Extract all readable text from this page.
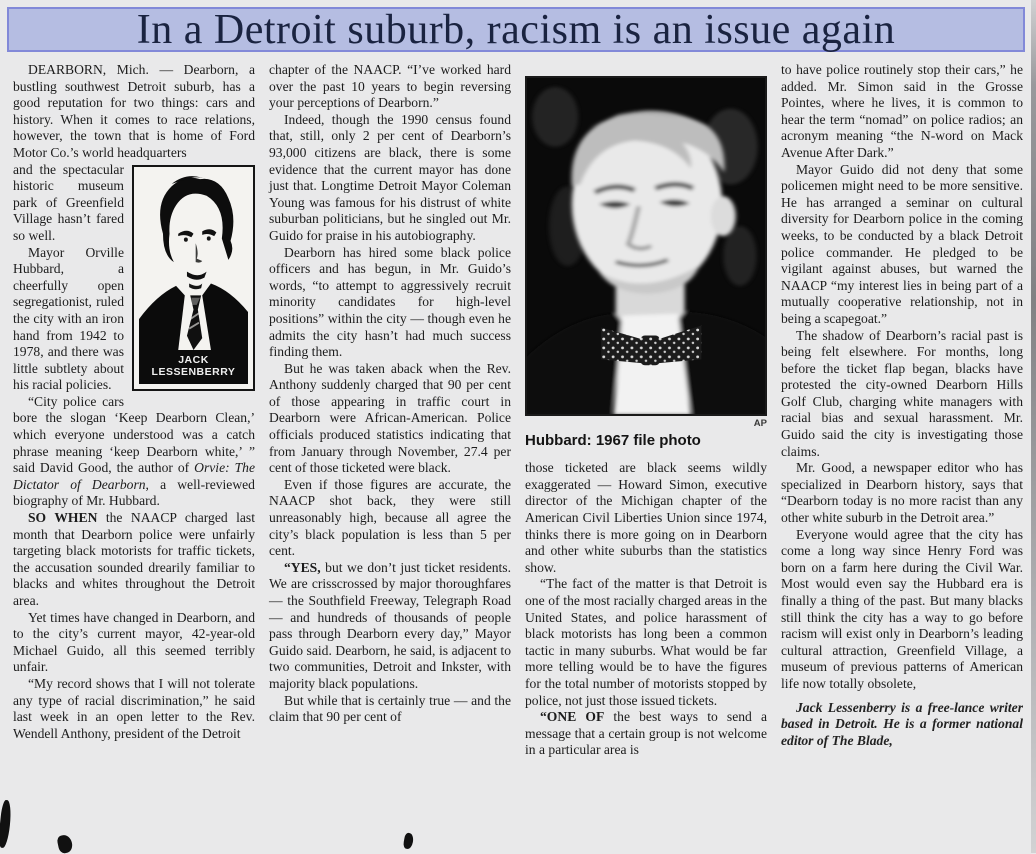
In a Detroit suburb, racism is an issue again

DEARBORN, Mich. — Dearborn, a bustling southwest Detroit suburb, has a good reputation for two things: cars and history. When it comes to race relations, however, the town that is home of Ford Motor Co.’s world headquarters

JACK
LESSENBERRY

and the spectacular historic museum park of Greenfield Village hasn’t fared so well.

Mayor Orville Hubbard, a cheerfully open segregationist, ruled the city with an iron hand from 1942 to 1978, and there was little subtlety about his racial policies.

“City police cars bore the slogan ‘Keep Dearborn Clean,’ which everyone understood was a catch phrase meaning ‘keep Dearborn white,’ ” said David Good, the author of Orvie: The Dictator of Dearborn, a well-reviewed biography of Mr. Hubbard.

SO WHEN the NAACP charged last month that Dearborn police were unfairly targeting black motorists for traffic tickets, the accusation sounded drearily familiar to blacks and whites throughout the Detroit area.

Yet times have changed in Dearborn, and to the city’s current mayor, 42-year-old Michael Guido, all this seemed terribly unfair.

“My record shows that I will not tolerate any type of racial discrimination,” he said last week in an open letter to the Rev. Wendell Anthony, president of the Detroit

chapter of the NAACP. “I’ve worked hard over the past 10 years to begin reversing your perceptions of Dearborn.”

Indeed, though the 1990 census found that, still, only 2 per cent of Dearborn’s 93,000 citizens are black, there is some evidence that the current mayor has done just that. Longtime Detroit Mayor Coleman Young was famous for his distrust of white suburban politicians, but he singled out Mr. Guido for praise in his autobiography.

Dearborn has hired some black police officers and has begun, in Mr. Guido’s words, “to attempt to aggressively recruit minority candidates for high-level positions” within the city — though even he admits the city hasn’t had much success finding them.

But he was taken aback when the Rev. Anthony suddenly charged that 90 per cent of those appearing in traffic court in Dearborn were African-American. Police officials produced statistics indicating that from January through November, 27.4 per cent of those ticketed were black.

Even if those figures are accurate, the NAACP shot back, they were still unreasonably high, because all agree the city’s black population is less than 5 per cent.

“YES, but we don’t just ticket residents. We are crisscrossed by major thoroughfares — the Southfield Freeway, Telegraph Road — and hundreds of thousands of people pass through Dearborn every day,” Mayor Guido said. Dearborn, he said, is adjacent to two communities, Detroit and Inkster, with majority black populations.

But while that is certainly true — and the claim that 90 per cent of

AP

Hubbard: 1967 file photo

those ticketed are black seems wildly exaggerated — Howard Simon, executive director of the Michigan chapter of the American Civil Liberties Union since 1974, thinks there is more going on in Dearborn and other white suburbs than the statistics show.

“The fact of the matter is that Detroit is one of the most racially charged areas in the United States, and police harassment of black motorists has long been a common tactic in many suburbs. What would be far more telling would be to have the figures for the total number of motorists stopped by police, not just those issued tickets.

“ONE OF the best ways to send a message that a certain group is not welcome in a particular area is

to have police routinely stop their cars,” he added. Mr. Simon said in the Grosse Pointes, where he lives, it is common to hear the term “nomad” on police radios; an acronym meaning “the N-word on Mack Avenue After Dark.”

Mayor Guido did not deny that some policemen might need to be more sensitive. He has arranged a seminar on cultural diversity for Dearborn police in the coming weeks, to be conducted by a black Detroit police commander. He pledged to be vigilant against abuses, but warned the NAACP “my interest lies in being part of a mutually cooperative relationship, not in being a scapegoat.”

The shadow of Dearborn’s racial past is being felt elsewhere. For months, long before the ticket flap began, blacks have protested the city-owned Dearborn Hills Golf Club, charging white managers with racial bias and sexual harassment. Mr. Guido said the city is investigating those claims.

Mr. Good, a newspaper editor who has specialized in Dearborn history, says that “Dearborn today is no more racist than any other white suburb in the Detroit area.”

Everyone would agree that the city has come a long way since Henry Ford was born on a farm here during the Civil War. Most would even say the Hubbard era is finally a thing of the past. But many blacks still think the city has a way to go before racism will exist only in Dearborn’s leading cultural attraction, Greenfield Village, a museum of previous patterns of American life now totally obsolete,

Jack Lessenberry is a free-lance writer based in Detroit. He is a former national editor of The Blade,
